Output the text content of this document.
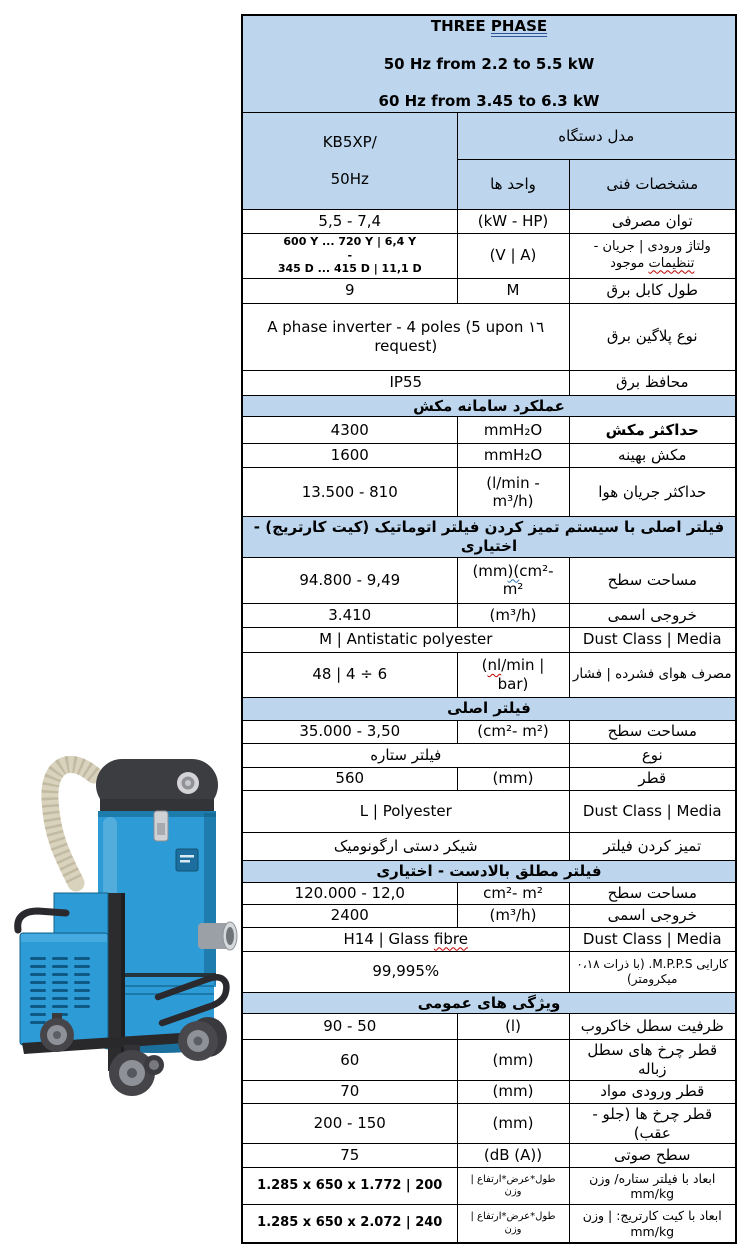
THREE PHASE

50 Hz from 2.2 to 5.5 kW

60 Hz from 3.45 to 6.3 kW		

KB5XP/

50Hz	مدل دستگاه	
	واحد ها	مشخصات فنی
5,5 - 7,4	(kW - HP)	توان مصرفی
600 Y ... 720 Y | 6,4 Y
-
345 D ... 415 D | 11,1 D	(V | A)	ولتاژ ورودی | جریان - تنظیمات موجود
9	M	طول کابل برق
١٦ A phase inverter - 4 poles (5 upon request)		نوع پلاگین برق
IP55		محافظ برق
عملکرد سامانه مکش		
4300	mmH₂O	حداکثر مکش
1600	mmH₂O	مکش بهینه
13.500 - 810	(l/min -
m³/h)	حداکثر جریان هوا
فیلتر اصلی با سیستم تمیز کردن فیلتر اتوماتیک (کیت کارتریج) - اختیاری		
94.800 - 9,49	(mm)(cm²-
m²	مساحت سطح
3.410	(m³/h)	خروجی اسمی
M | Antistatic polyester		Dust Class | Media
48 | 4 ÷ 6	(nl/min |
bar)	مصرف هوای فشرده | فشار
فیلتر اصلی		
35.000 - 3,50	(cm²- m²)	مساحت سطح
فیلتر ستاره		نوع
560	(mm)	قطر
L | Polyester		Dust Class | Media
شیکر دستی ارگونومیک		تمیز کردن فیلتر
فیلتر مطلق بالادست - اختیاری		
120.000 - 12,0	cm²- m²	مساحت سطح
2400	(m³/h)	خروجی اسمی
H14 | Glass fibre		Dust Class | Media
99,995%		کارایی M.P.P.S. (با ذرات ۰،۱۸ میکرومتر)
ویژگی های عمومی		
90 - 50	(l)	ظرفیت سطل خاکروب
60	(mm)	قطر چرخ های سطل زباله
70	(mm)	قطر ورودی مواد
200 - 150	(mm)	قطر چرخ ها (جلو - عقب)
75	(dB (A))	سطح صوتی
1.285 x 650 x 1.772 | 200	طول*عرض*ارتفاع | وزن	ابعاد با فیلتر ستاره/ وزن
mm/kg
1.285 x 650 x 2.072 | 240	طول*عرض*ارتفاع | وزن	ابعاد با کیت کارتریج: | وزن
mm/kg
